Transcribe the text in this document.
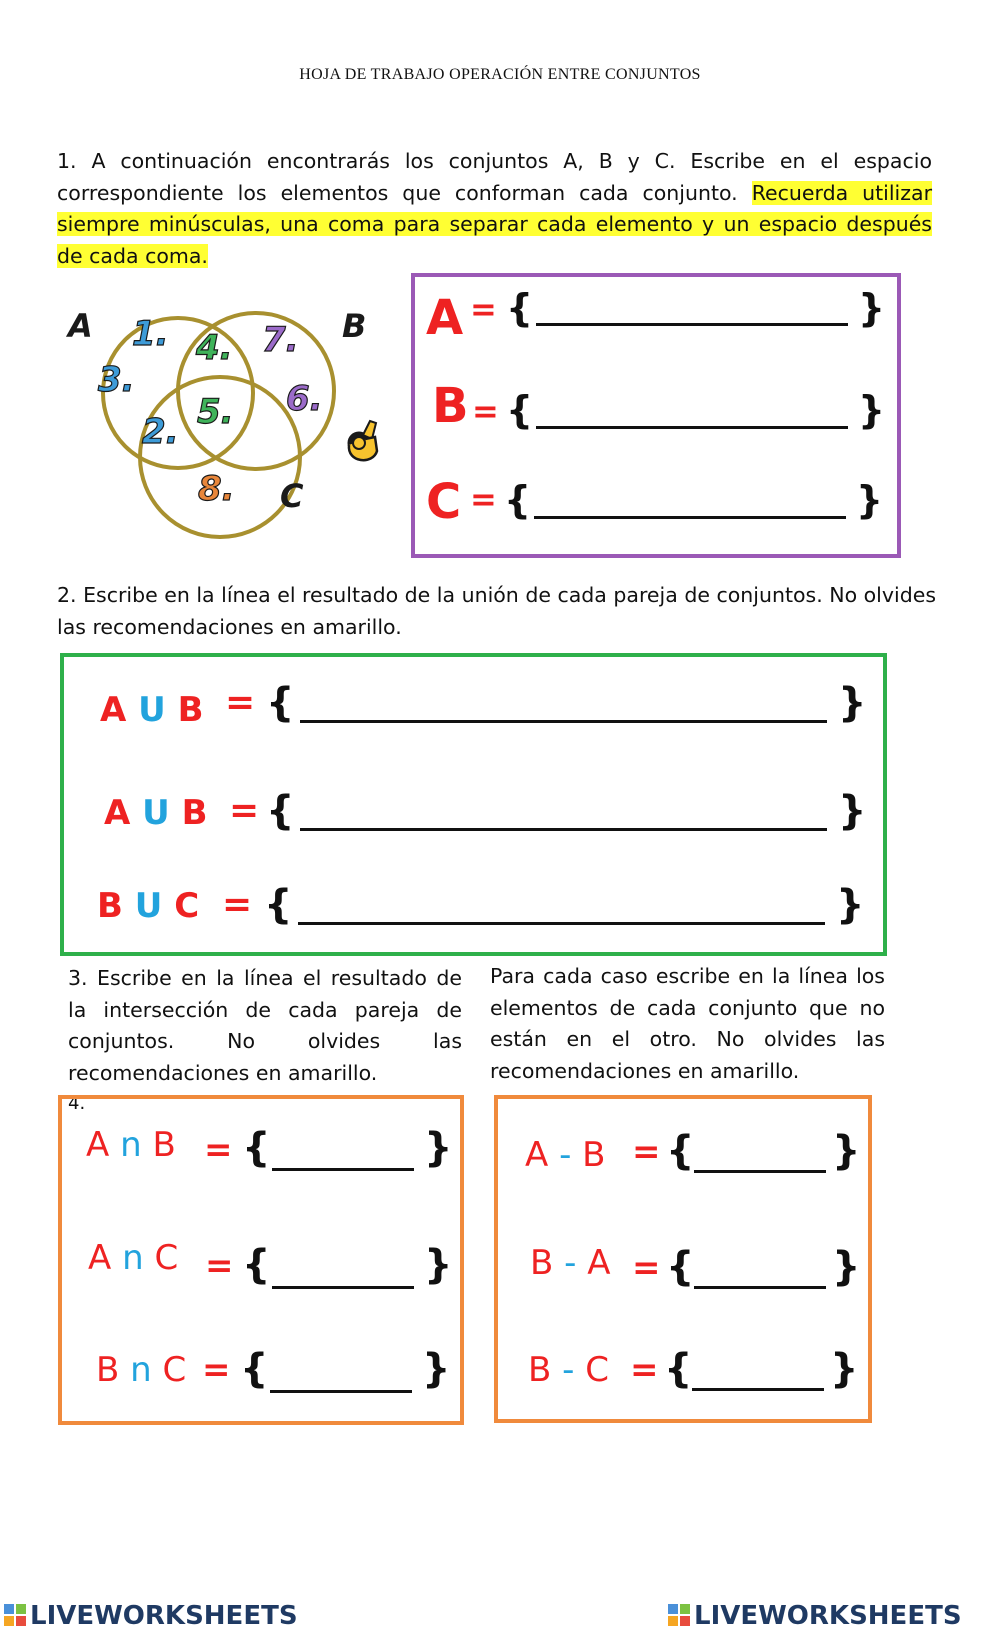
HOJA DE TRABAJO OPERACIÓN ENTRE CONJUNTOS
1. A continuación encontrarás los conjuntos A, B y C. Escribe en el espacio correspondiente los elementos que conforman cada conjunto. Recuerda utilizar siempre minúsculas, una coma para separar cada elemento y un espacio después de cada coma.
A	B
C
1.
3.
2.
4.
5.
7.
6.
8.
A = {	}
B = {	}
C = {	}
2. Escribe en la línea el resultado de la unión de cada pareja de conjuntos. No olvides las recomendaciones en amarillo.
A U B = {	}
A U B = {	}
B U C = {	}
3. Escribe en la línea el resultado de la intersección de cada pareja de conjuntos. No olvides las recomendaciones en amarillo.
4.
Para cada caso escribe en la línea los elementos de cada conjunto que no están en el otro. No olvides las recomendaciones en amarillo.
A n B = {	}
A n C = {	}
B n C = {	}
A - B = {	}
B - A = {	}
B - C = {	}
LIVEWORKSHEETS	LIVEWORKSHEETS
